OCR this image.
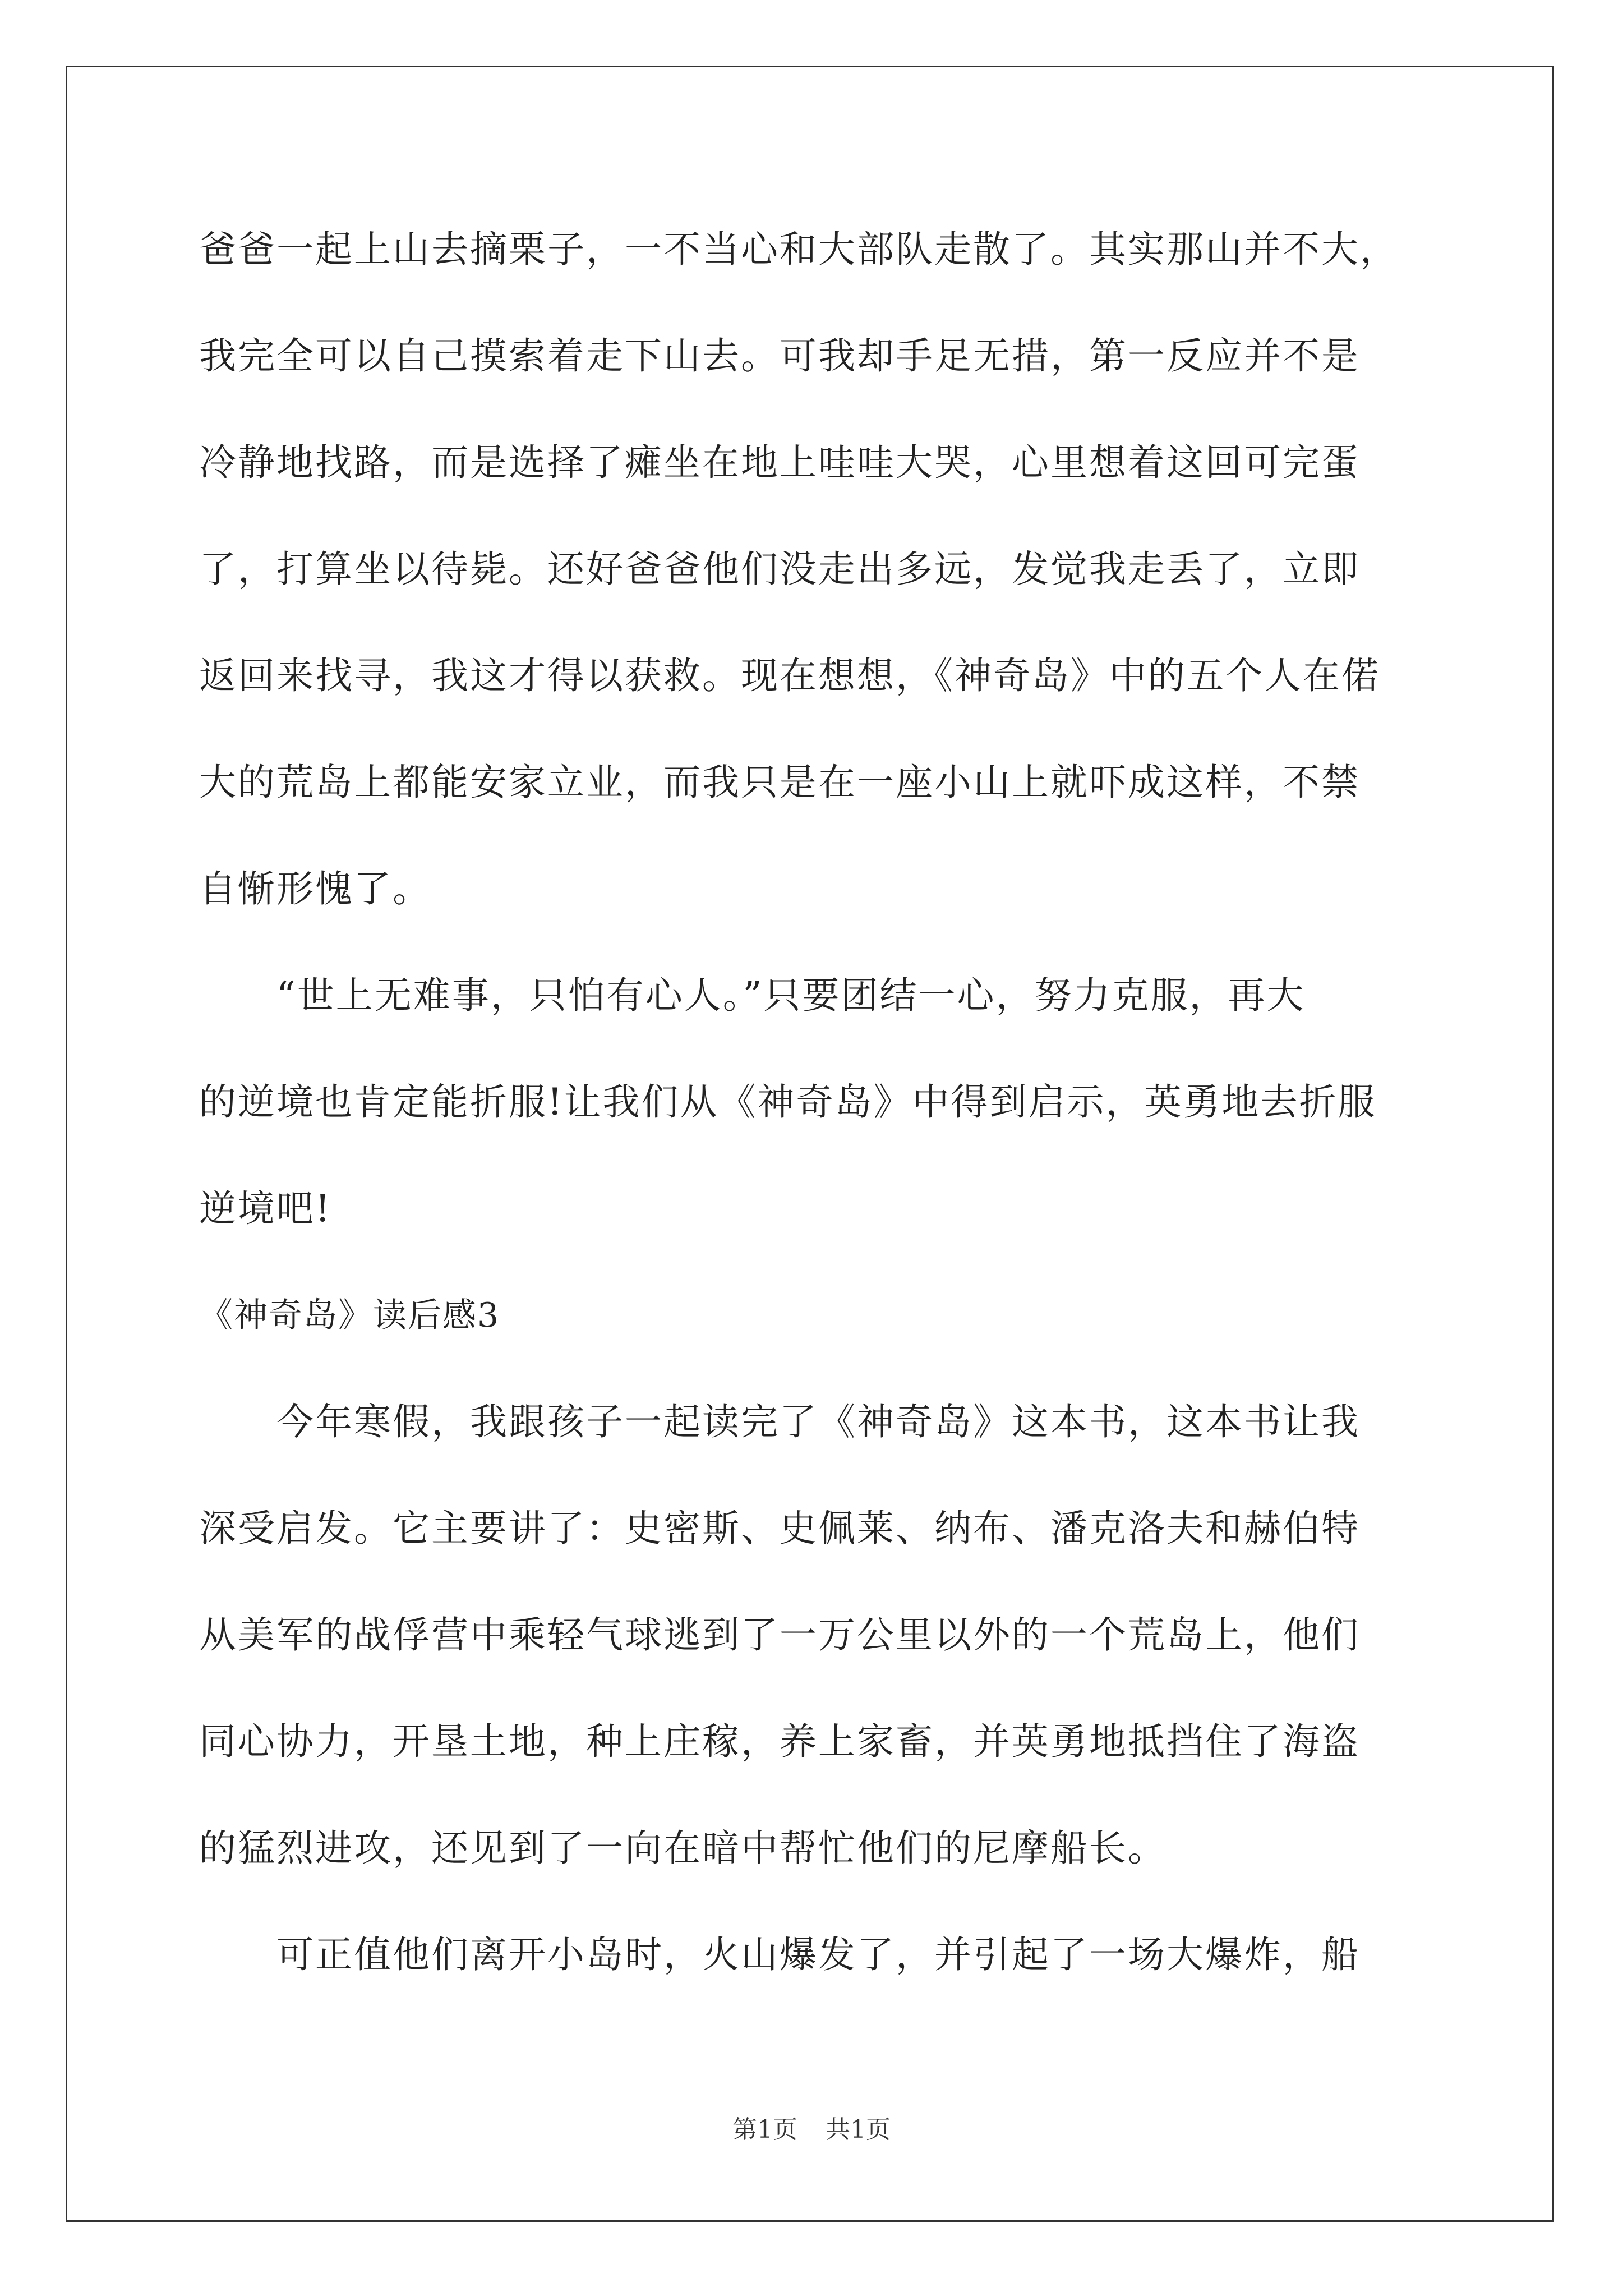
爸爸一起上山去摘栗子，一不当心和大部队走散了。其实那山并不大，
我完全可以自己摸索着走下山去。可我却手足无措，第一反应并不是
冷静地找路，而是选择了瘫坐在地上哇哇大哭，心里想着这回可完蛋
了，打算坐以待毙。还好爸爸他们没走出多远，发觉我走丢了，立即
返回来找寻，我这才得以获救。现在想想，《神奇岛》中的五个人在偌
大的荒岛上都能安家立业，而我只是在一座小山上就吓成这样，不禁
自惭形愧了。
　　“世上无难事，只怕有心人。”只要团结一心，努力克服，再大
的逆境也肯定能折服!让我们从《神奇岛》中得到启示，英勇地去折服
逆境吧!
《神奇岛》读后感3
　　今年寒假，我跟孩子一起读完了《神奇岛》这本书，这本书让我
深受启发。它主要讲了：史密斯、史佩莱、纳布、潘克洛夫和赫伯特
从美军的战俘营中乘轻气球逃到了一万公里以外的一个荒岛上，他们
同心协力，开垦土地，种上庄稼，养上家畜，并英勇地抵挡住了海盗
的猛烈进攻，还见到了一向在暗中帮忙他们的尼摩船长。
　　可正值他们离开小岛时，火山爆发了，并引起了一场大爆炸，船
第1页 共1页
